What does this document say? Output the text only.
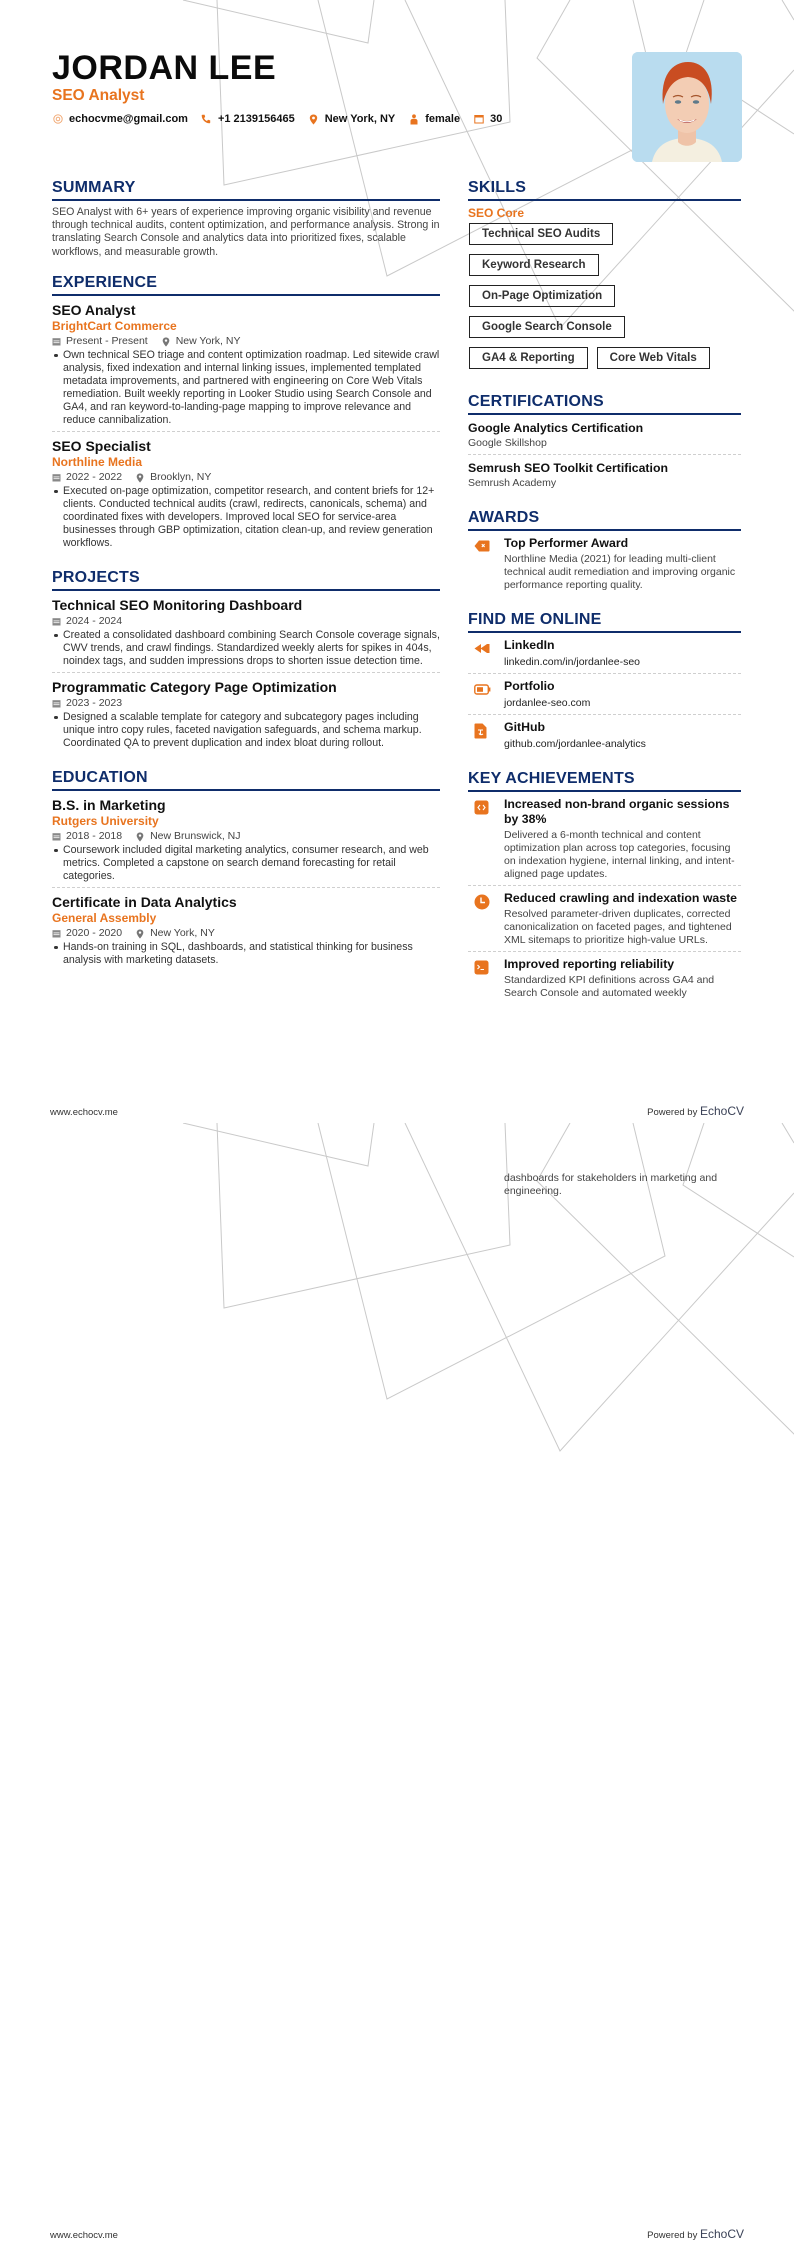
JORDAN LEE
SEO Analyst
echocvme@gmail.com	+1 2139156465	New York, NY	female	30
SUMMARY
SEO Analyst with 6+ years of experience improving organic visibility and revenue through technical audits, content optimization, and performance analysis. Strong in translating Search Console and analytics data into prioritized fixes, scalable workflows, and measurable growth.
EXPERIENCE
SEO Analyst
BrightCart Commerce
Present - Present	New York, NY
Own technical SEO triage and content optimization roadmap. Led sitewide crawl analysis, fixed indexation and internal linking issues, implemented templated metadata improvements, and partnered with engineering on Core Web Vitals remediation. Built weekly reporting in Looker Studio using Search Console and GA4, and ran keyword-to-landing-page mapping to improve relevance and reduce cannibalization.
SEO Specialist
Northline Media
2022 - 2022	Brooklyn, NY
Executed on-page optimization, competitor research, and content briefs for 12+ clients. Conducted technical audits (crawl, redirects, canonicals, schema) and coordinated fixes with developers. Improved local SEO for service-area businesses through GBP optimization, citation clean-up, and review generation workflows.
PROJECTS
Technical SEO Monitoring Dashboard
2024 - 2024
Created a consolidated dashboard combining Search Console coverage signals, CWV trends, and crawl findings. Standardized weekly alerts for spikes in 404s, noindex tags, and sudden impressions drops to shorten issue detection time.
Programmatic Category Page Optimization
2023 - 2023
Designed a scalable template for category and subcategory pages including unique intro copy rules, faceted navigation safeguards, and schema markup. Coordinated QA to prevent duplication and index bloat during rollout.
EDUCATION
B.S. in Marketing
Rutgers University
2018 - 2018	New Brunswick, NJ
Coursework included digital marketing analytics, consumer research, and web metrics. Completed a capstone on search demand forecasting for retail categories.
Certificate in Data Analytics
General Assembly
2020 - 2020	New York, NY
Hands-on training in SQL, dashboards, and statistical thinking for business analysis with marketing datasets.
SKILLS
SEO Core
Technical SEO Audits
Keyword Research
On-Page Optimization
Google Search Console
GA4 & Reporting	Core Web Vitals
CERTIFICATIONS
Google Analytics Certification
Google Skillshop
Semrush SEO Toolkit Certification
Semrush Academy
AWARDS
Top Performer Award
Northline Media (2021) for leading multi-client technical audit remediation and improving organic performance reporting quality.
FIND ME ONLINE
LinkedIn
linkedin.com/in/jordanlee-seo
Portfolio
jordanlee-seo.com
GitHub
github.com/jordanlee-analytics
KEY ACHIEVEMENTS
Increased non-brand organic sessions by 38%
Delivered a 6-month technical and content optimization plan across top categories, focusing on indexation hygiene, internal linking, and intent-aligned page updates.
Reduced crawling and indexation waste
Resolved parameter-driven duplicates, corrected canonicalization on faceted pages, and tightened XML sitemaps to prioritize high-value URLs.
Improved reporting reliability
Standardized KPI definitions across GA4 and Search Console and automated weekly
www.echocv.me	Powered by EchoCV
www.echocv.me	Powered by EchoCV
dashboards for stakeholders in marketing and engineering.
